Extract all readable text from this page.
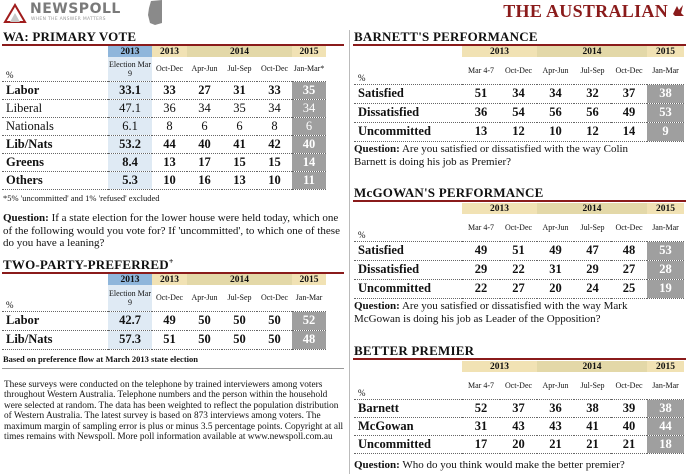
NEWSPOLL
WHEN THE ANSWER MATTERS	THE AUSTRALIAN
WA: PRIMARY VOTE
	2013	2013	2014			2015
%	Election Mar 9	Oct-Dec	Apr-Jun	Jul-Sep	Oct-Dec	Jan-Mar*
Labor	33.1	33	27	31	33	35
Liberal	47.1	36	34	35	34	34
Nationals	6.1	8	6	6	8	6
Lib/Nats	53.2	44	40	41	42	40
Greens	8.4	13	17	15	15	14
Others	5.3	10	16	13	10	11
*5% 'uncommitted' and 1% 'refused' excluded
Question: If a state election for the lower house were held today, which one of the following would you vote for? If 'uncommitted', to which one of these do you have a leaning?
TWO-PARTY-PREFERRED+
	2013	2013	2014			2015
%	Election Mar 9	Oct-Dec	Apr-Jun	Jul-Sep	Oct-Dec	Jan-Mar
Labor	42.7	49	50	50	50	52
Lib/Nats	57.3	51	50	50	50	48
Based on preference flow at March 2013 state election
These surveys were conducted on the telephone by trained interviewers among voters throughout Western Australia. Telephone numbers and the person within the household were selected at random. The data has been weighted to reflect the population distribution of Western Australia. The latest survey is based on 873 interviews among voters. The maximum margin of sampling error is plus or minus 3.5 percentage points. Copyright at all times remains with Newspoll. More poll information available at www.newspoll.com.au
BARNETT'S PERFORMANCE
	2013		2014			2015
%	Mar 4-7	Oct-Dec	Apr-Jun	Jul-Sep	Oct-Dec	Jan-Mar
Satisfied	51	34	34	32	37	38
Dissatisfied	36	54	56	56	49	53
Uncommitted	13	12	10	12	14	9
Question: Are you satisfied or dissatisfied with the way Colin Barnett is doing his job as Premier?
McGOWAN'S PERFORMANCE
	2013		2014			2015
%	Mar 4-7	Oct-Dec	Apr-Jun	Jul-Sep	Oct-Dec	Jan-Mar
Satisfied	49	51	49	47	48	53
Dissatisfied	29	22	31	29	27	28
Uncommitted	22	27	20	24	25	19
Question: Are you satisfied or dissatisfied with the way Mark McGowan is doing his job as Leader of the Opposition?
BETTER PREMIER
	2013		2014			2015
%	Mar 4-7	Oct-Dec	Apr-Jun	Jul-Sep	Oct-Dec	Jan-Mar
Barnett	52	37	36	38	39	38
McGowan	31	43	43	41	40	44
Uncommitted	17	20	21	21	21	18
Question: Who do you think would make the better premier?
